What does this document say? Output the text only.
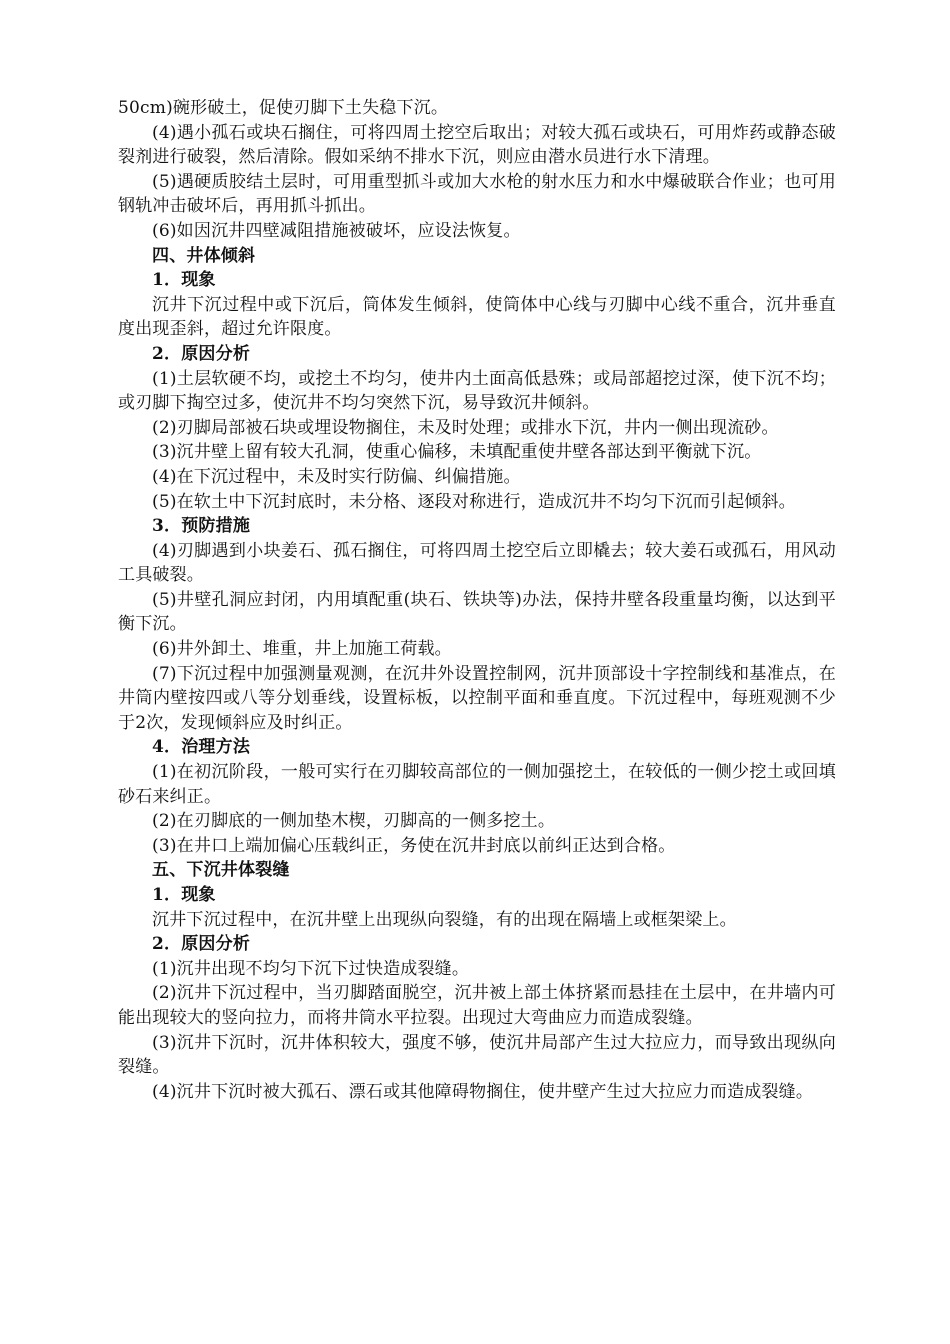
50cm)碗形破土，促使刃脚下土失稳下沉。

(4)遇小孤石或块石搁住，可将四周土挖空后取出；对较大孤石或块石，可用炸药或静态破裂剂进行破裂，然后清除。假如采纳不排水下沉，则应由潜水员进行水下清理。

(5)遇硬质胶结土层时，可用重型抓斗或加大水枪的射水压力和水中爆破联合作业；也可用钢轨冲击破坏后，再用抓斗抓出。

(6)如因沉井四壁减阻措施被破坏，应设法恢复。

四、井体倾斜

1．现象

沉井下沉过程中或下沉后，筒体发生倾斜，使筒体中心线与刃脚中心线不重合，沉井垂直度出现歪斜，超过允许限度。

2．原因分析

(1)土层软硬不均，或挖土不均匀，使井内土面高低悬殊；或局部超挖过深，使下沉不均；或刃脚下掏空过多，使沉井不均匀突然下沉，易导致沉井倾斜。

(2)刃脚局部被石块或埋设物搁住，未及时处理；或排水下沉，井内一侧出现流砂。

(3)沉井壁上留有较大孔洞，使重心偏移，未填配重使井壁各部达到平衡就下沉。

(4)在下沉过程中，未及时实行防偏、纠偏措施。

(5)在软土中下沉封底时，未分格、逐段对称进行，造成沉井不均匀下沉而引起倾斜。

3．预防措施

(4)刃脚遇到小块姜石、孤石搁住，可将四周土挖空后立即橇去；较大姜石或孤石，用风动工具破裂。

(5)井壁孔洞应封闭，内用填配重(块石、铁块等)办法，保持井壁各段重量均衡，以达到平衡下沉。

(6)井外卸土、堆重，井上加施工荷载。

(7)下沉过程中加强测量观测，在沉井外设置控制网，沉井顶部设十字控制线和基准点，在井筒内壁按四或八等分划垂线，设置标板，以控制平面和垂直度。下沉过程中，每班观测不少于2次，发现倾斜应及时纠正。

4．治理方法

(1)在初沉阶段，一般可实行在刃脚较高部位的一侧加强挖土，在较低的一侧少挖土或回填砂石来纠正。

(2)在刃脚底的一侧加垫木楔，刃脚高的一侧多挖土。

(3)在井口上端加偏心压载纠正，务使在沉井封底以前纠正达到合格。

五、下沉井体裂缝

1．现象

沉井下沉过程中，在沉井壁上出现纵向裂缝，有的出现在隔墙上或框架梁上。

2．原因分析

(1)沉井出现不均匀下沉下过快造成裂缝。

(2)沉井下沉过程中，当刃脚踏面脱空，沉井被上部土体挤紧而悬挂在土层中，在井墙内可能出现较大的竖向拉力，而将井筒水平拉裂。出现过大弯曲应力而造成裂缝。

(3)沉井下沉时，沉井体积较大，强度不够，使沉井局部产生过大拉应力，而导致出现纵向裂缝。

(4)沉井下沉时被大孤石、漂石或其他障碍物搁住，使井壁产生过大拉应力而造成裂缝。
